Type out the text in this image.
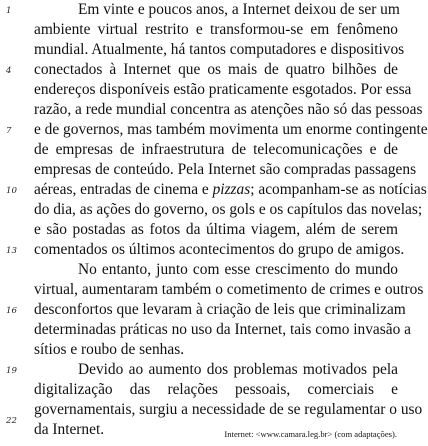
1
4
7
10
13
16
19
22
Em vinte e poucos anos, a Internet deixou de ser um
ambiente virtual restrito e transformou-se em fenômeno
mundial. Atualmente, há tantos computadores e dispositivos
conectados à Internet que os mais de quatro bilhões de
endereços disponíveis estão praticamente esgotados. Por essa
razão, a rede mundial concentra as atenções não só das pessoas
e de governos, mas também movimenta um enorme contingente
de empresas de infraestrutura de telecomunicações e de
empresas de conteúdo. Pela Internet são compradas passagens
aéreas, entradas de cinema e pizzas; acompanham-se as notícias
do dia, as ações do governo, os gols e os capítulos das novelas;
e são postadas as fotos da última viagem, além de serem
comentados os últimos acontecimentos do grupo de amigos.
No entanto, junto com esse crescimento do mundo
virtual, aumentaram também o cometimento de crimes e outros
desconfortos que levaram à criação de leis que criminalizam
determinadas práticas no uso da Internet, tais como invasão a
sítios e roubo de senhas.
Devido ao aumento dos problemas motivados pela
digitalização das relações pessoais, comerciais e
governamentais, surgiu a necessidade de se regulamentar o uso
da Internet.	Internet: <www.camara.leg.br> (com adaptações).
